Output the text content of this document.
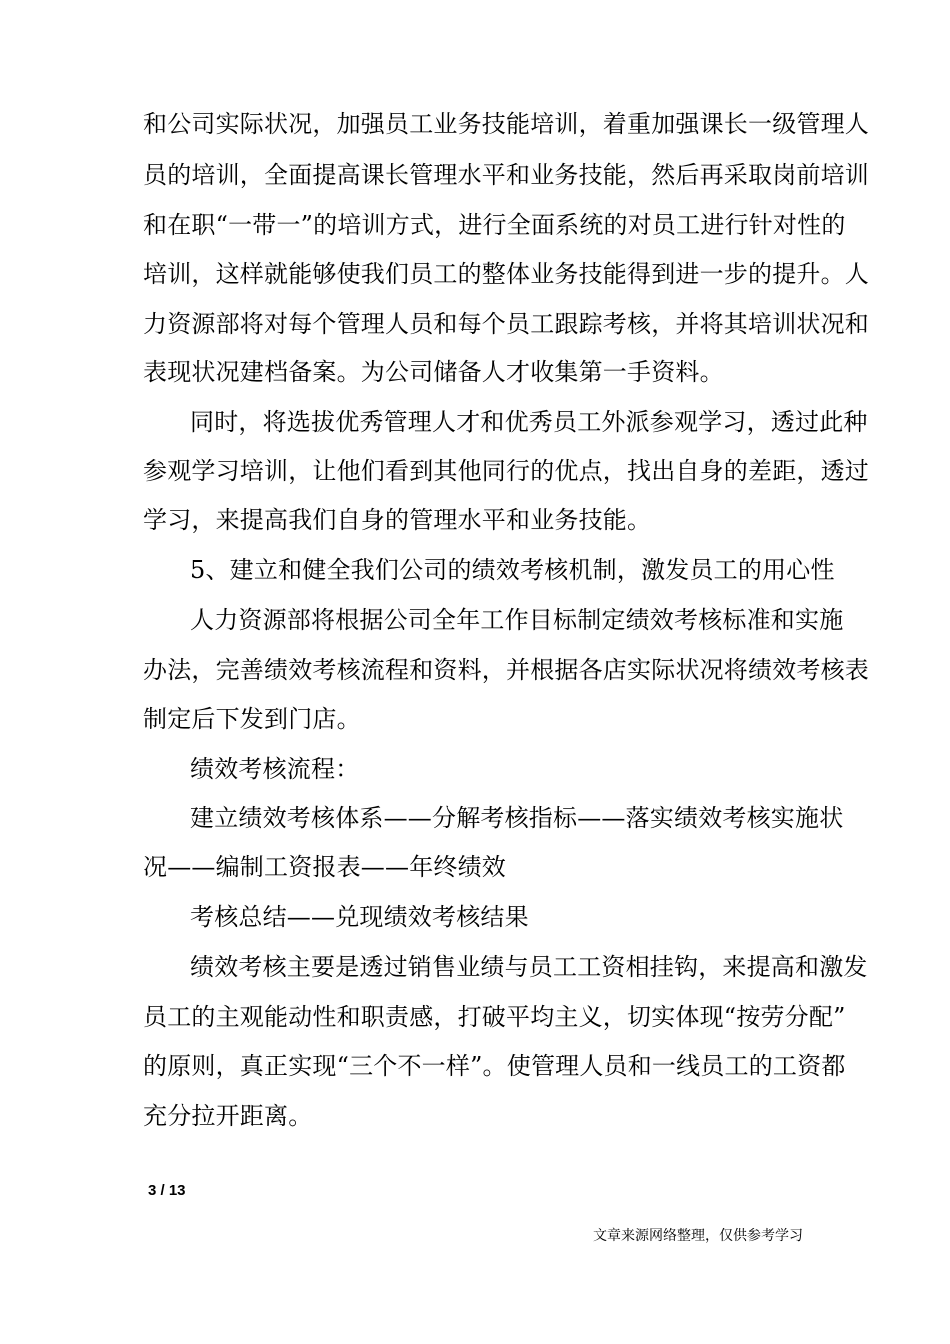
和公司实际状况，加强员工业务技能培训，着重加强课长一级管理人
员的培训，全面提高课长管理水平和业务技能，然后再采取岗前培训
和在职“一带一”的培训方式，进行全面系统的对员工进行针对性的
培训，这样就能够使我们员工的整体业务技能得到进一步的提升。人
力资源部将对每个管理人员和每个员工跟踪考核，并将其培训状况和
表现状况建档备案。为公司储备人才收集第一手资料。
同时，将选拔优秀管理人才和优秀员工外派参观学习，透过此种
参观学习培训，让他们看到其他同行的优点，找出自身的差距，透过
学习，来提高我们自身的管理水平和业务技能。
5、建立和健全我们公司的绩效考核机制，激发员工的用心性
人力资源部将根据公司全年工作目标制定绩效考核标准和实施
办法，完善绩效考核流程和资料，并根据各店实际状况将绩效考核表
制定后下发到门店。
绩效考核流程：
建立绩效考核体系——分解考核指标——落实绩效考核实施状
况——编制工资报表——年终绩效
考核总结——兑现绩效考核结果
绩效考核主要是透过销售业绩与员工工资相挂钩，来提高和激发
员工的主观能动性和职责感，打破平均主义，切实体现“按劳分配”
的原则，真正实现“三个不一样”。使管理人员和一线员工的工资都
充分拉开距离。
3 / 13
文章来源网络整理，仅供参考学习
